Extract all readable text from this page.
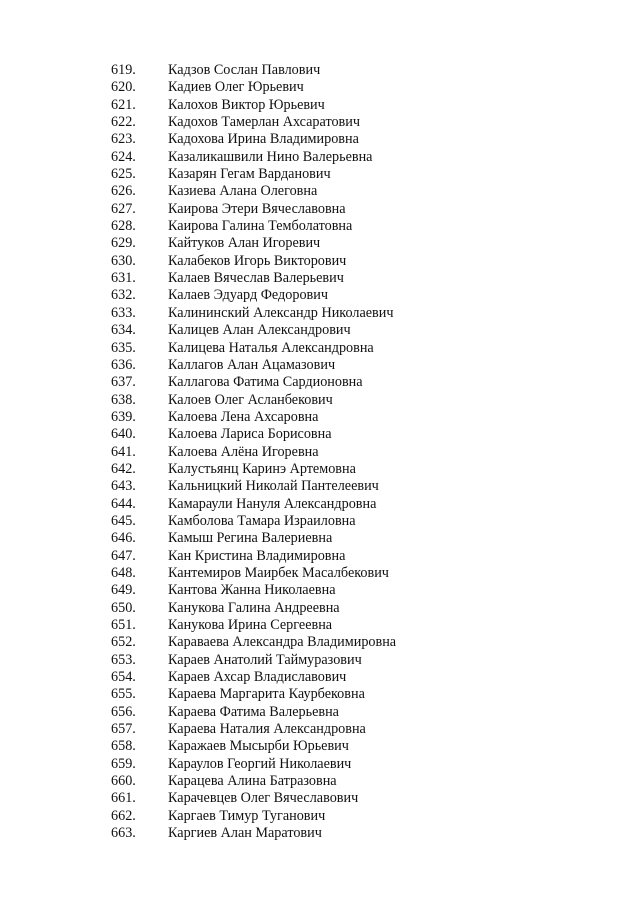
619.	Кадзов Сослан Павлович
620.	Кадиев Олег Юрьевич
621.	Калохов Виктор Юрьевич
622.	Кадохов Тамерлан Ахсаратович
623.	Кадохова Ирина Владимировна
624.	Казаликашвили Нино Валерьевна
625.	Казарян Гегам Варданович
626.	Казиева Алана Олеговна
627.	Каирова Этери Вячеславовна
628.	Каирова Галина Темболатовна
629.	Кайтуков Алан Игоревич
630.	Калабеков Игорь Викторович
631.	Калаев Вячеслав Валерьевич
632.	Калаев Эдуард Федорович
633.	Калининский Александр Николаевич
634.	Калицев Алан Александрович
635.	Калицева Наталья Александровна
636.	Каллагов Алан Ацамазович
637.	Каллагова Фатима Сардионовна
638.	Калоев Олег Асланбекович
639.	Калоева Лена Ахсаровна
640.	Калоева Лариса Борисовна
641.	Калоева Алёна Игоревна
642.	Калустьянц Каринэ Артемовна
643.	Кальницкий Николай Пантелеевич
644.	Камараули Нануля Александровна
645.	Камболова Тамара Израиловна
646.	Камыш Регина Валериевна
647.	Кан Кристина Владимировна
648.	Кантемиров Маирбек Масалбекович
649.	Кантова Жанна Николаевна
650.	Канукова Галина Андреевна
651.	Канукова Ирина Сергеевна
652.	Караваева Александра Владимировна
653.	Караев Анатолий Таймуразович
654.	Караев Ахсар Владиславович
655.	Караева Маргарита Каурбековна
656.	Караева Фатима Валерьевна
657.	Караева Наталия Александровна
658.	Каражаев Мысырби Юрьевич
659.	Караулов Георгий Николаевич
660.	Карацева Алина Батразовна
661.	Карачевцев Олег Вячеславович
662.	Каргаев Тимур Туганович
663.	Каргиев Алан Маратович
